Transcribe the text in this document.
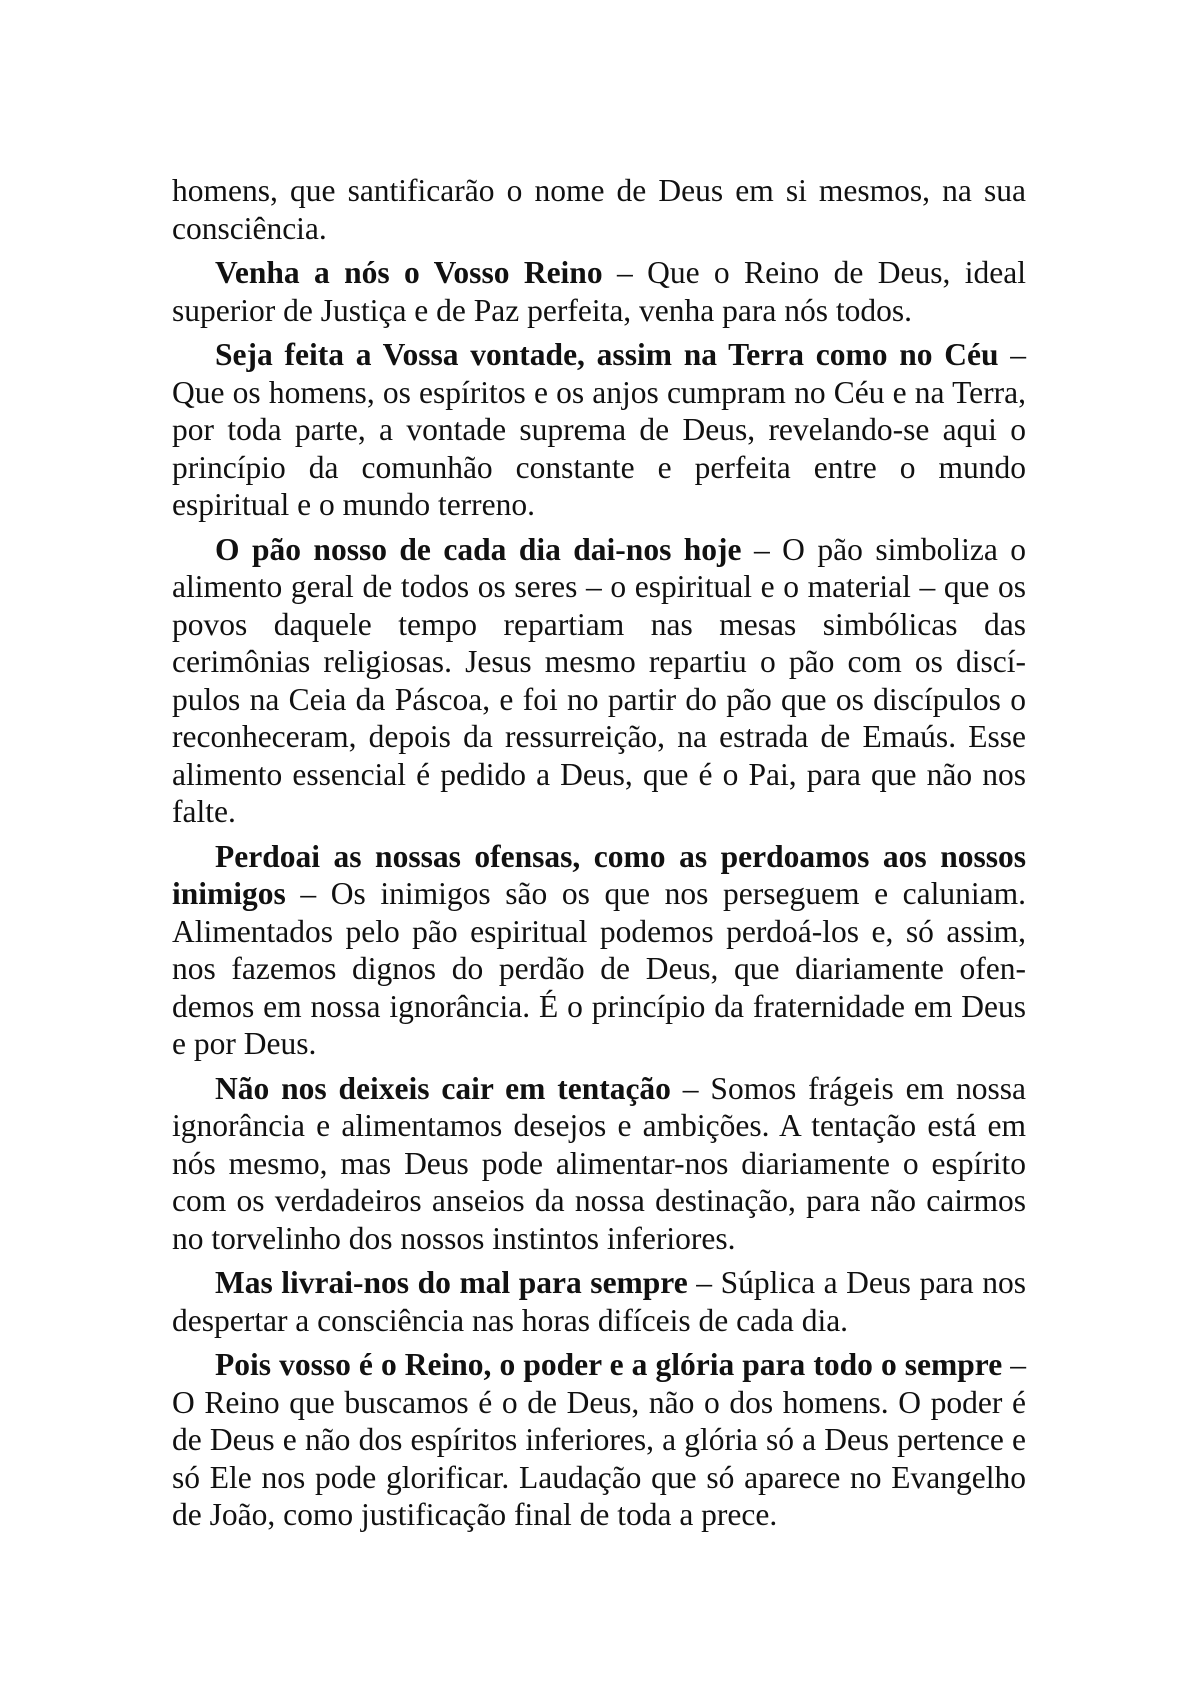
homens, que santificarão o nome de Deus em si mesmos, na sua consciência.

Venha a nós o Vosso Reino – Que o Reino de Deus, ideal superior de Justiça e de Paz perfeita, venha para nós todos.

Seja feita a Vossa vontade, assim na Terra como no Céu – Que os homens, os espíritos e os anjos cumpram no Céu e na Terra, por toda parte, a vontade suprema de Deus, revelando-se aqui o princípio da comunhão constante e perfeita entre o mundo espiritual e o mundo terreno.

O pão nosso de cada dia dai-nos hoje – O pão simboliza o alimento geral de todos os seres – o espiritual e o material – que os povos daquele tempo repartiam nas mesas simbólicas das cerimônias religiosas. Jesus mesmo repartiu o pão com os discípulos na Ceia da Páscoa, e foi no partir do pão que os discípulos o reconheceram, depois da ressurreição, na estrada de Emaús. Esse alimento essencial é pedido a Deus, que é o Pai, para que não nos falte.

Perdoai as nossas ofensas, como as perdoamos aos nossos inimigos – Os inimigos são os que nos perseguem e caluniam. Alimentados pelo pão espiritual podemos perdoá-los e, só assim, nos fazemos dignos do perdão de Deus, que diariamente ofendemos em nossa ignorância. É o princípio da fraternidade em Deus e por Deus.

Não nos deixeis cair em tentação – Somos frágeis em nossa ignorância e alimentamos desejos e ambições. A tentação está em nós mesmo, mas Deus pode alimentar-nos diariamente o espírito com os verdadeiros anseios da nossa destinação, para não cairmos no torvelinho dos nossos instintos inferiores.

Mas livrai-nos do mal para sempre – Súplica a Deus para nos despertar a consciência nas horas difíceis de cada dia.

Pois vosso é o Reino, o poder e a glória para todo o sempre – O Reino que buscamos é o de Deus, não o dos homens. O poder é de Deus e não dos espíritos inferiores, a glória só a Deus pertence e só Ele nos pode glorificar. Laudação que só aparece no Evangelho de João, como justificação final de toda a prece.
